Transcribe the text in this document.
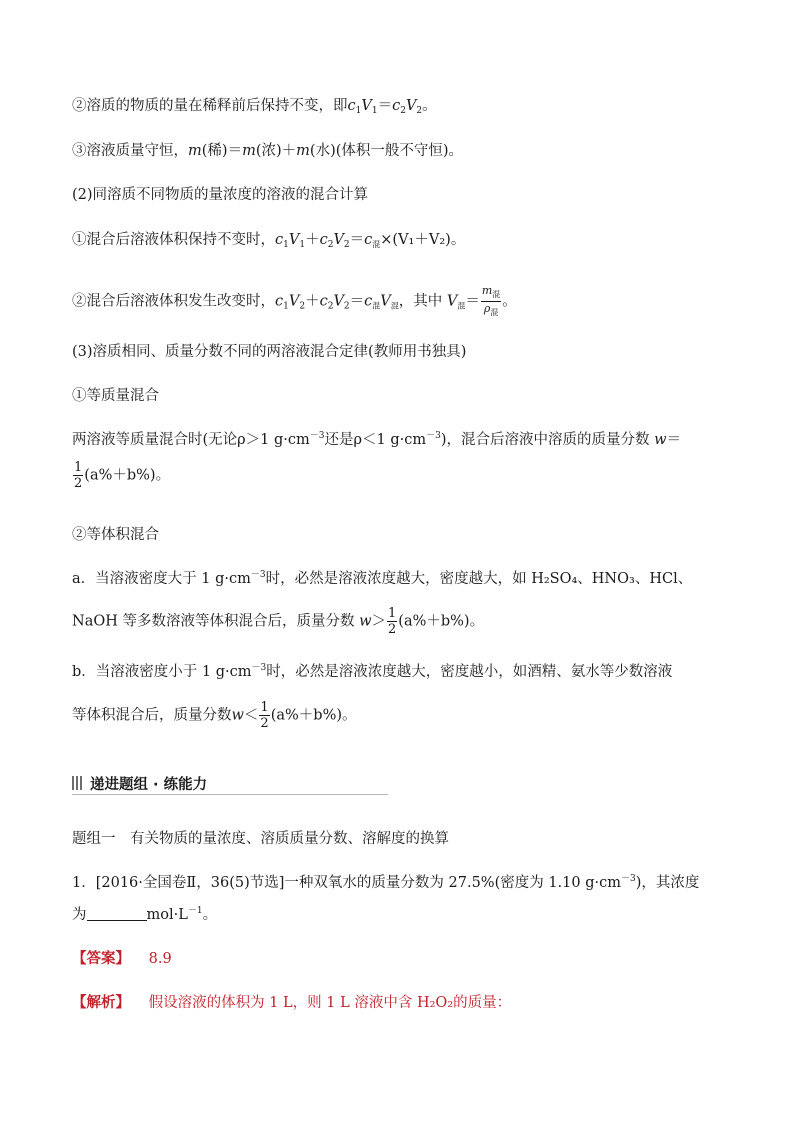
②溶质的物质的量在稀释前后保持不变，即$c_1V_1=c_2V_2$。
③溶液质量守恒，m(稀)＝m(浓)＋m(水)(体积一般不守恒)。
(2)同溶质不同物质的量浓度的溶液的混合计算
①混合后溶液体积保持不变时，$c_1V_1+c_2V_2=c_混\times(V_1+V_2)$。
②混合后溶液体积发生改变时，$c_1V_2+c_2V_2=c_混V_混$，其中 $V_混= \frac{m_混}{\rho_混}$ 。
(3)溶质相同、质量分数不同的两溶液混合定律(教师用书独具)
①等质量混合
两溶液等质量混合时(无论ρ＞1 $g\cdot cm^{-3}$还是ρ＜1 $g\cdot cm^{-3}$)，混合后溶液中溶质的质量分数 w＝
$\frac{1}{2} (a\%+b\%)$。
②等体积混合
a．当溶液密度大于 1 $g\cdot cm^{-3}$时，必然是溶液浓度越大，密度越大，如 H₂SO₄、HNO₃、HCl、
NaOH 等多数溶液等体积混合后，质量分数 $w> \frac{1}{2} (a\%+b\%)$。
b．当溶液密度小于 1 $g\cdot cm^{-3}$时，必然是溶液浓度越大，密度越小，如酒精、氨水等少数溶液
等体积混合后，质量分数$w< \frac{1}{2} (a\%+b\%)$。
递进题组 · 练能力
题组一　有关物质的量浓度、溶质质量分数、溶解度的换算
1．[2016·全国卷Ⅱ，36(5)节选]一种双氧水的质量分数为 27.5%(密度为 1.10 $g\cdot cm^{-3}$)，其浓度
为	$mol\cdot L^{-1}$。
【答案】 8.9
【解析】 假设溶液的体积为 1 L，则 1 L 溶液中含 H₂O₂的质量：
